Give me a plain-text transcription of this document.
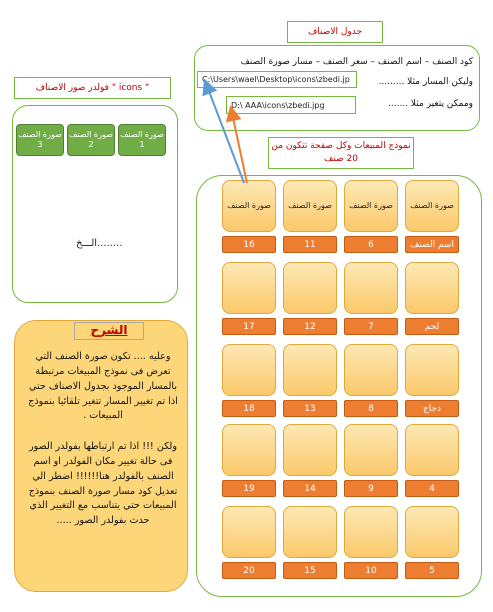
جدول الاصناف
كود الصنف – اسم الصنف – سعر الصنف – مسار صورة الصنف
وليكن المسار مثلا .........
وممكن يتغير مثلا .......
C:\Users\wael\Desktop\icons\zbedi.jp
D:\ AAA\icons\zbedi.jpg
فولدر صور الاصناف " icons "
صورة الصنف 1
صورة الصنف 2
صورة الصنف 3
........الـــخ
نموذج المبيعات وكل صفحة تتكون من 20 صنف
صورة الصنف
اسم الصنف
صورة الصنف
6
صورة الصنف
11
صورة الصنف
16
لحم
7
12
17
دجاج
8
13
18
4
9
14
19
5
10
15
20
الشرح
وعليه .... تكون صورة الصنف التي تعرض فى نموذج المبيعات مرتبطة بالمسار الموجود بجدول الاصناف حتي اذا تم تغيير المسار تتغير تلقائيا بنموذج المبيعات .
ولكن !!! اذا تم ارتباطها بفولدر الصور فى حالة تغيير مكان الفولدر او اسم الصنف بالفولدر هنا!!!!!! اضطر الي تعديل كود مسار صورة الصنف بنموذج المبيعات حتي يتناسب مع التغيير الذي حدث بفولدر الصور .....
